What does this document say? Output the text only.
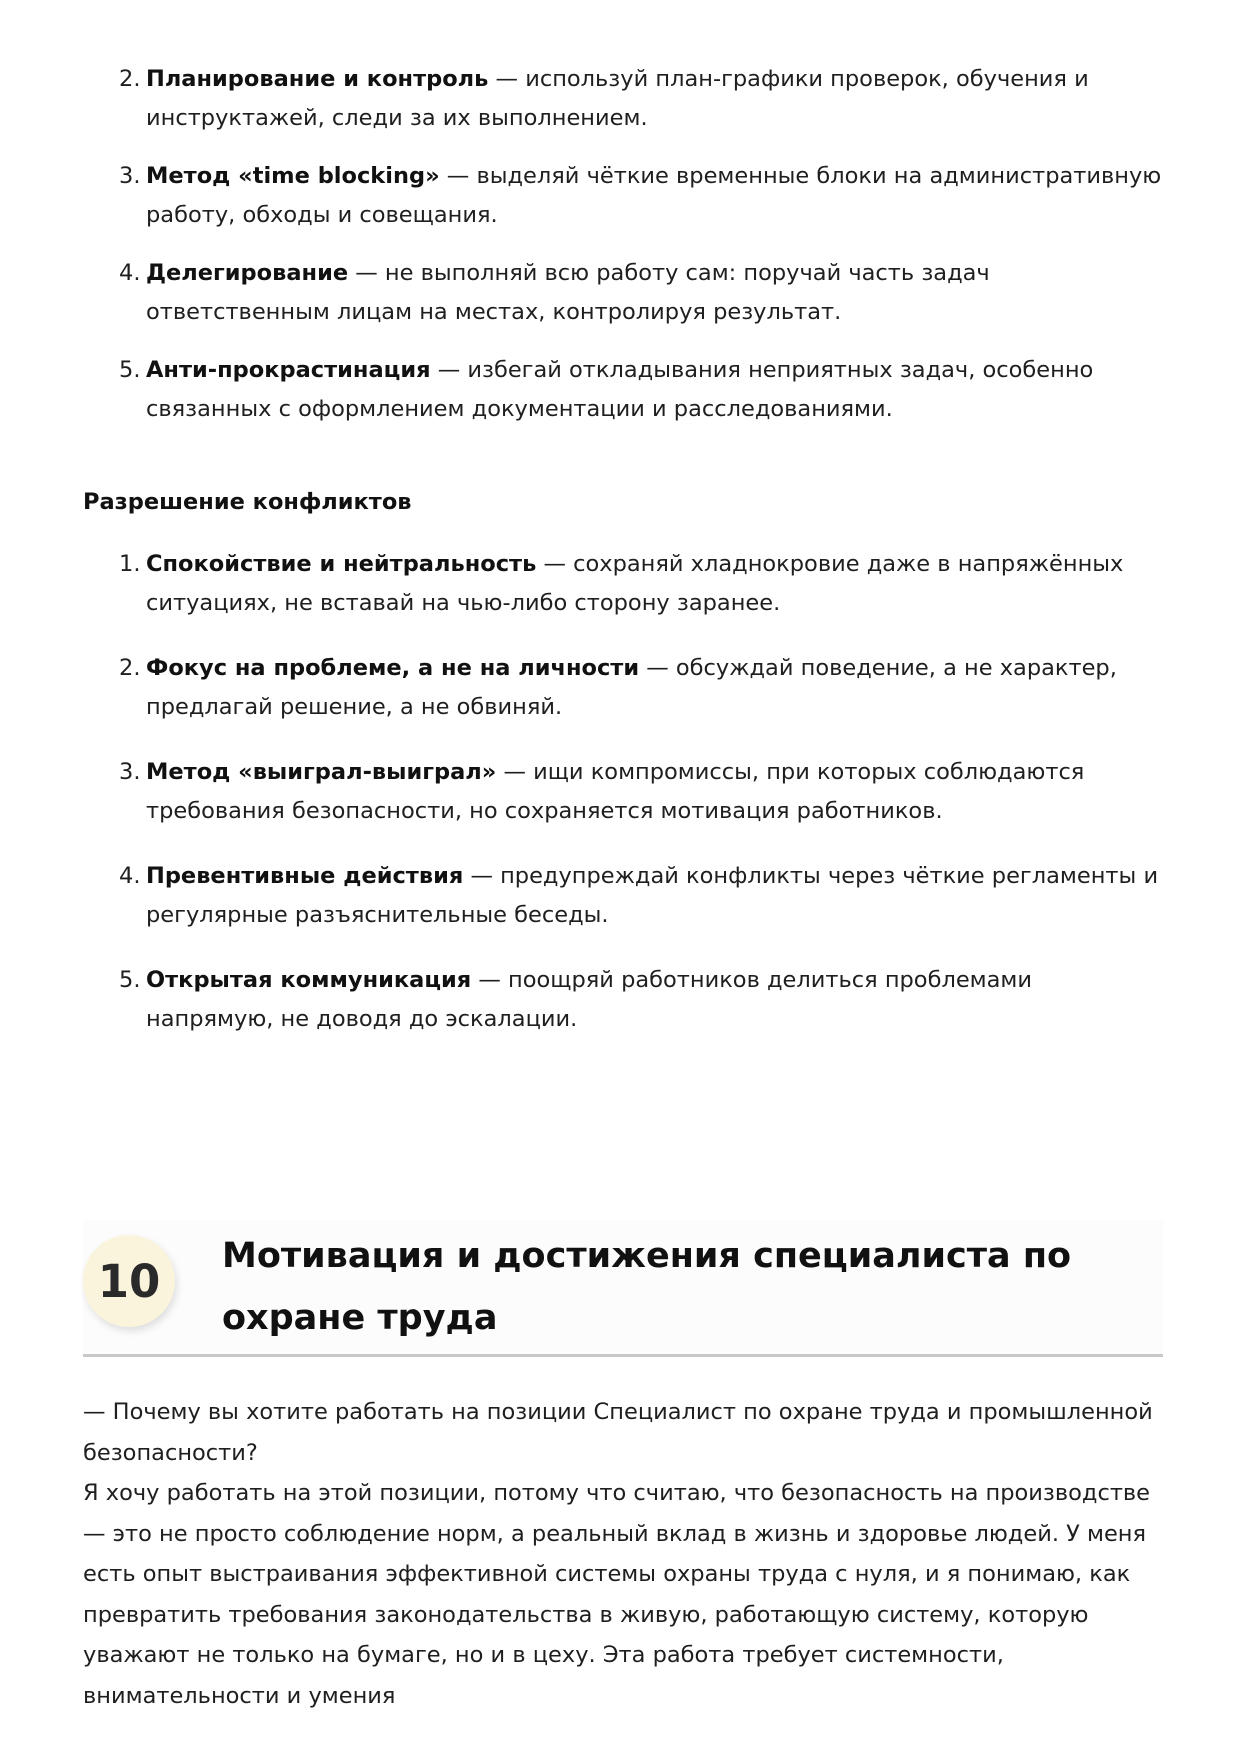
2. Планирование и контроль — используй план-графики проверок, обучения и инструктажей, следи за их выполнением.
3. Метод «time blocking» — выделяй чёткие временные блоки на административную работу, обходы и совещания.
4. Делегирование — не выполняй всю работу сам: поручай часть задач ответственным лицам на местах, контролируя результат.
5. Анти-прокрастинация — избегай откладывания неприятных задач, особенно связанных с оформлением документации и расследованиями.
Разрешение конфликтов
1. Спокойствие и нейтральность — сохраняй хладнокровие даже в напряжённых ситуациях, не вставай на чью-либо сторону заранее.
2. Фокус на проблеме, а не на личности — обсуждай поведение, а не характер, предлагай решение, а не обвиняй.
3. Метод «выиграл-выиграл» — ищи компромиссы, при которых соблюдаются требования безопасности, но сохраняется мотивация работников.
4. Превентивные действия — предупреждай конфликты через чёткие регламенты и регулярные разъяснительные беседы.
5. Открытая коммуникация — поощряй работников делиться проблемами напрямую, не доводя до эскалации.
10	Мотивация и достижения специалиста по охране труда

— Почему вы хотите работать на позиции Специалист по охране труда и промышленной безопасности?

Я хочу работать на этой позиции, потому что считаю, что безопасность на производстве — это не просто соблюдение норм, а реальный вклад в жизнь и здоровье людей. У меня есть опыт выстраивания эффективной системы охраны труда с нуля, и я понимаю, как превратить требования законодательства в живую, работающую систему, которую уважают не только на бумаге, но и в цеху. Эта работа требует системности, внимательности и умения
